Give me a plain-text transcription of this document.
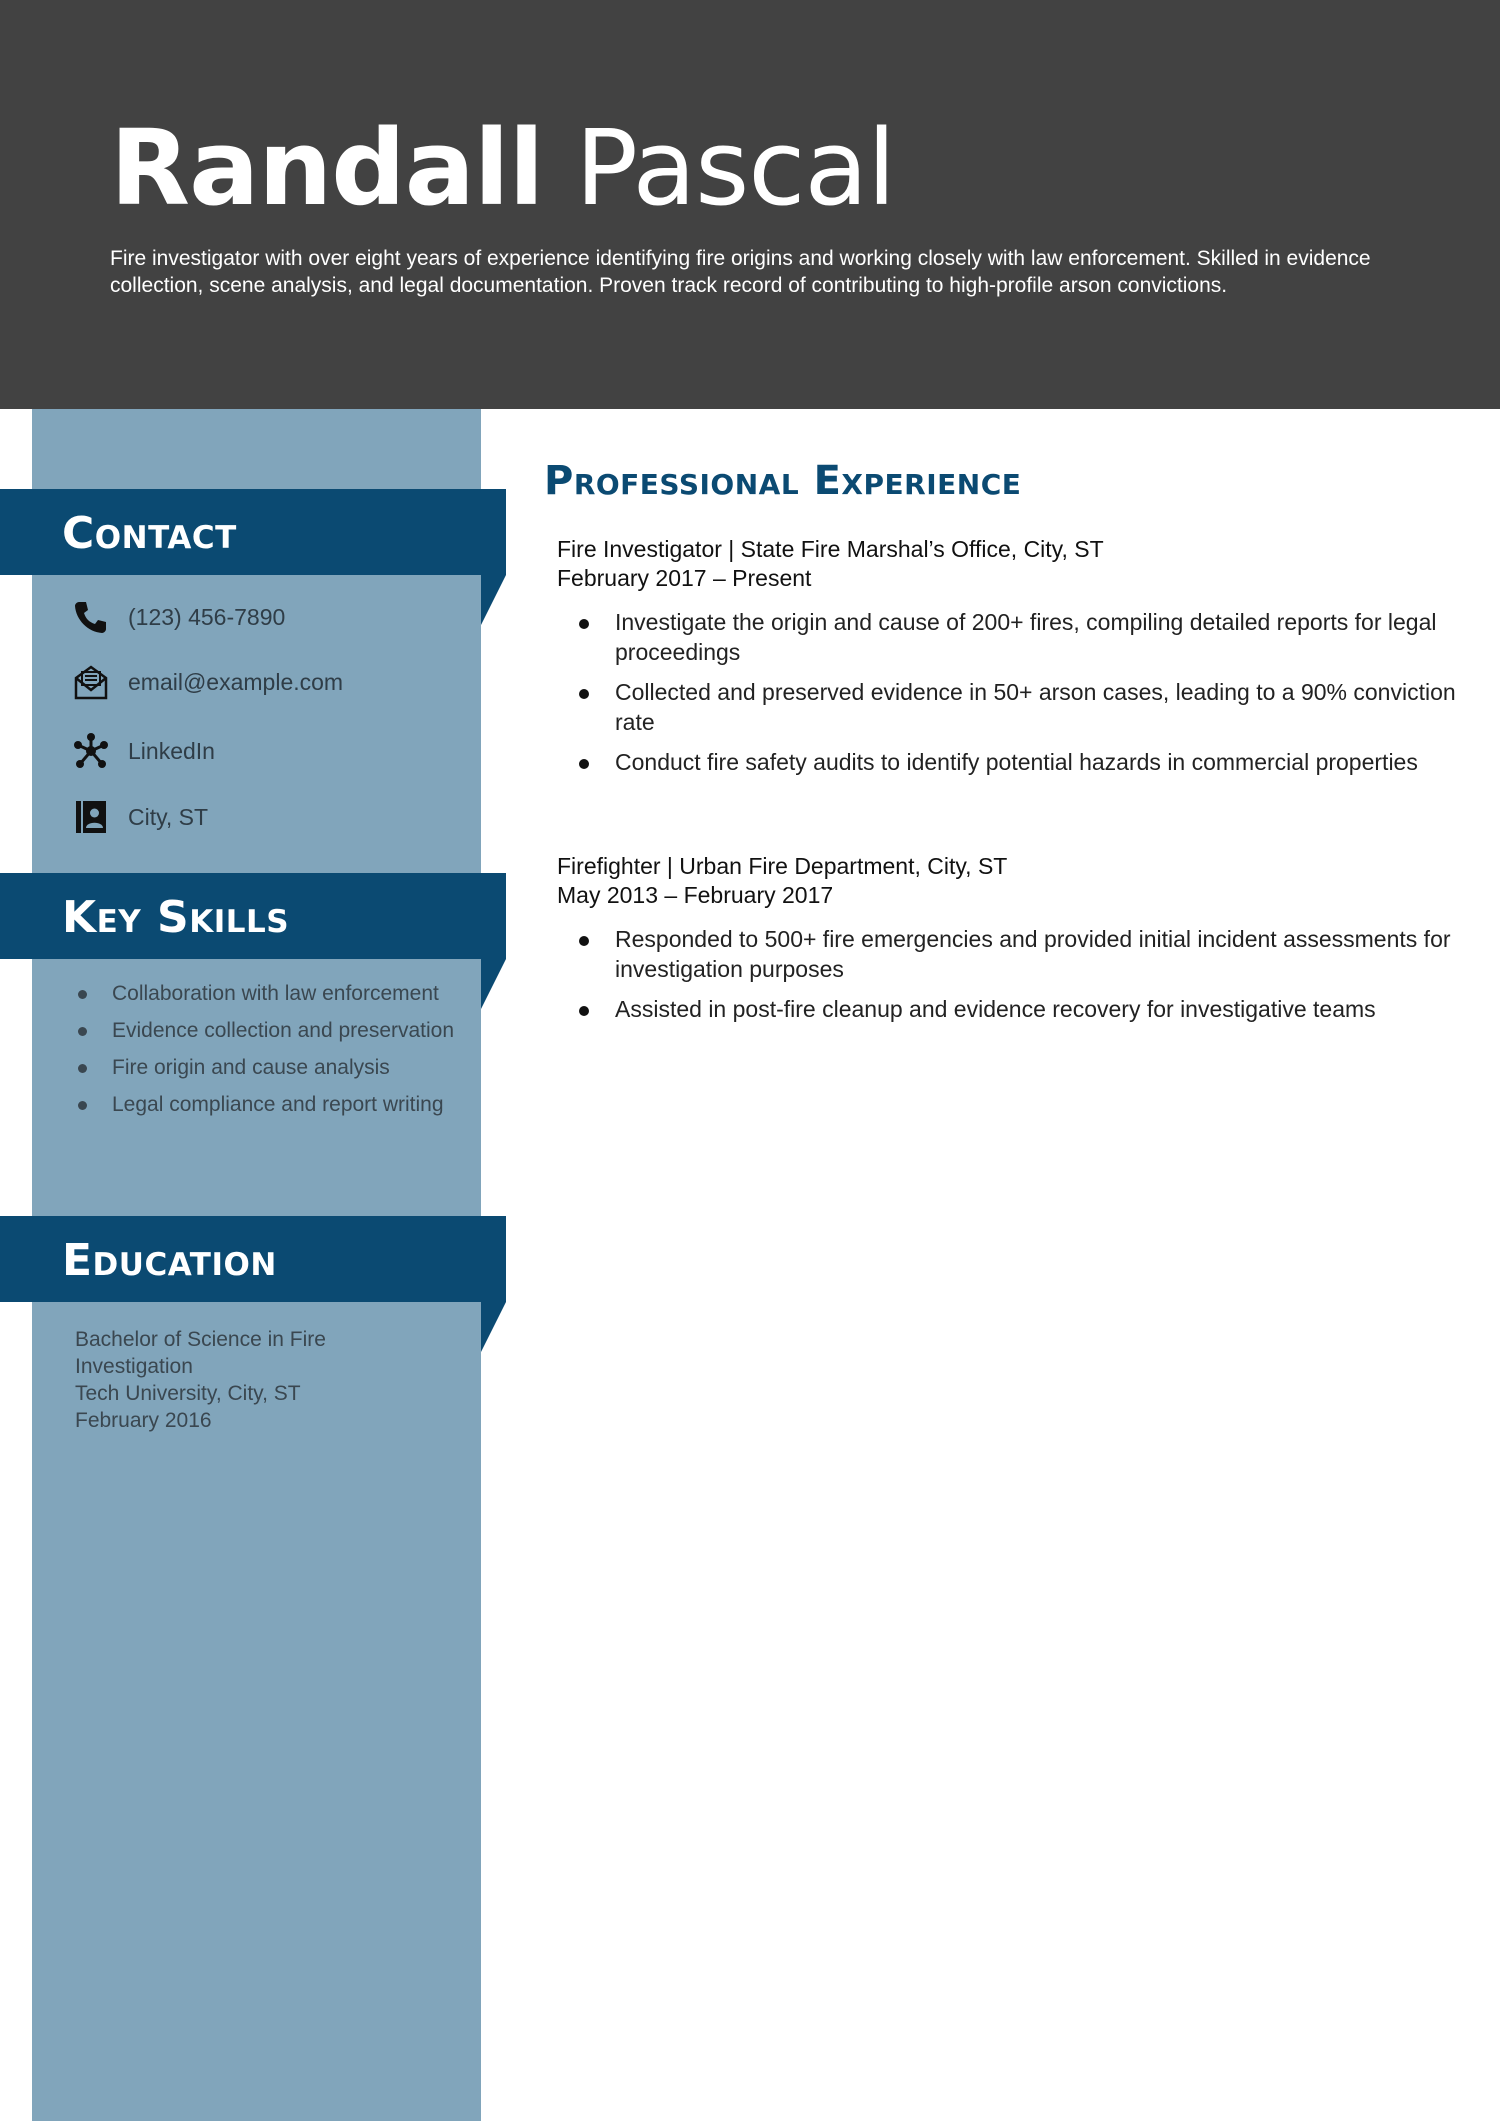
Randall Pascal

Fire investigator with over eight years of experience identifying fire origins and working closely with law enforcement. Skilled in evidence collection, scene analysis, and legal documentation. Proven track record of contributing to high-profile arson convictions.

Contact
(123) 456-7890
email@example.com
LinkedIn
City, ST
Key Skills
Collaboration with law enforcement
Evidence collection and preservation
Fire origin and cause analysis
Legal compliance and report writing
Education
Bachelor of Science in Fire Investigation
Tech University, City, ST
February 2016
Professional Experience

Fire Investigator | State Fire Marshal’s Office, City, ST

February 2017 – Present

Investigate the origin and cause of 200+ fires, compiling detailed reports for legal proceedings
Collected and preserved evidence in 50+ arson cases, leading to a 90% conviction rate
Conduct fire safety audits to identify potential hazards in commercial properties

Firefighter | Urban Fire Department, City, ST

May 2013 – February 2017

Responded to 500+ fire emergencies and provided initial incident assessments for investigation purposes
Assisted in post-fire cleanup and evidence recovery for investigative teams
